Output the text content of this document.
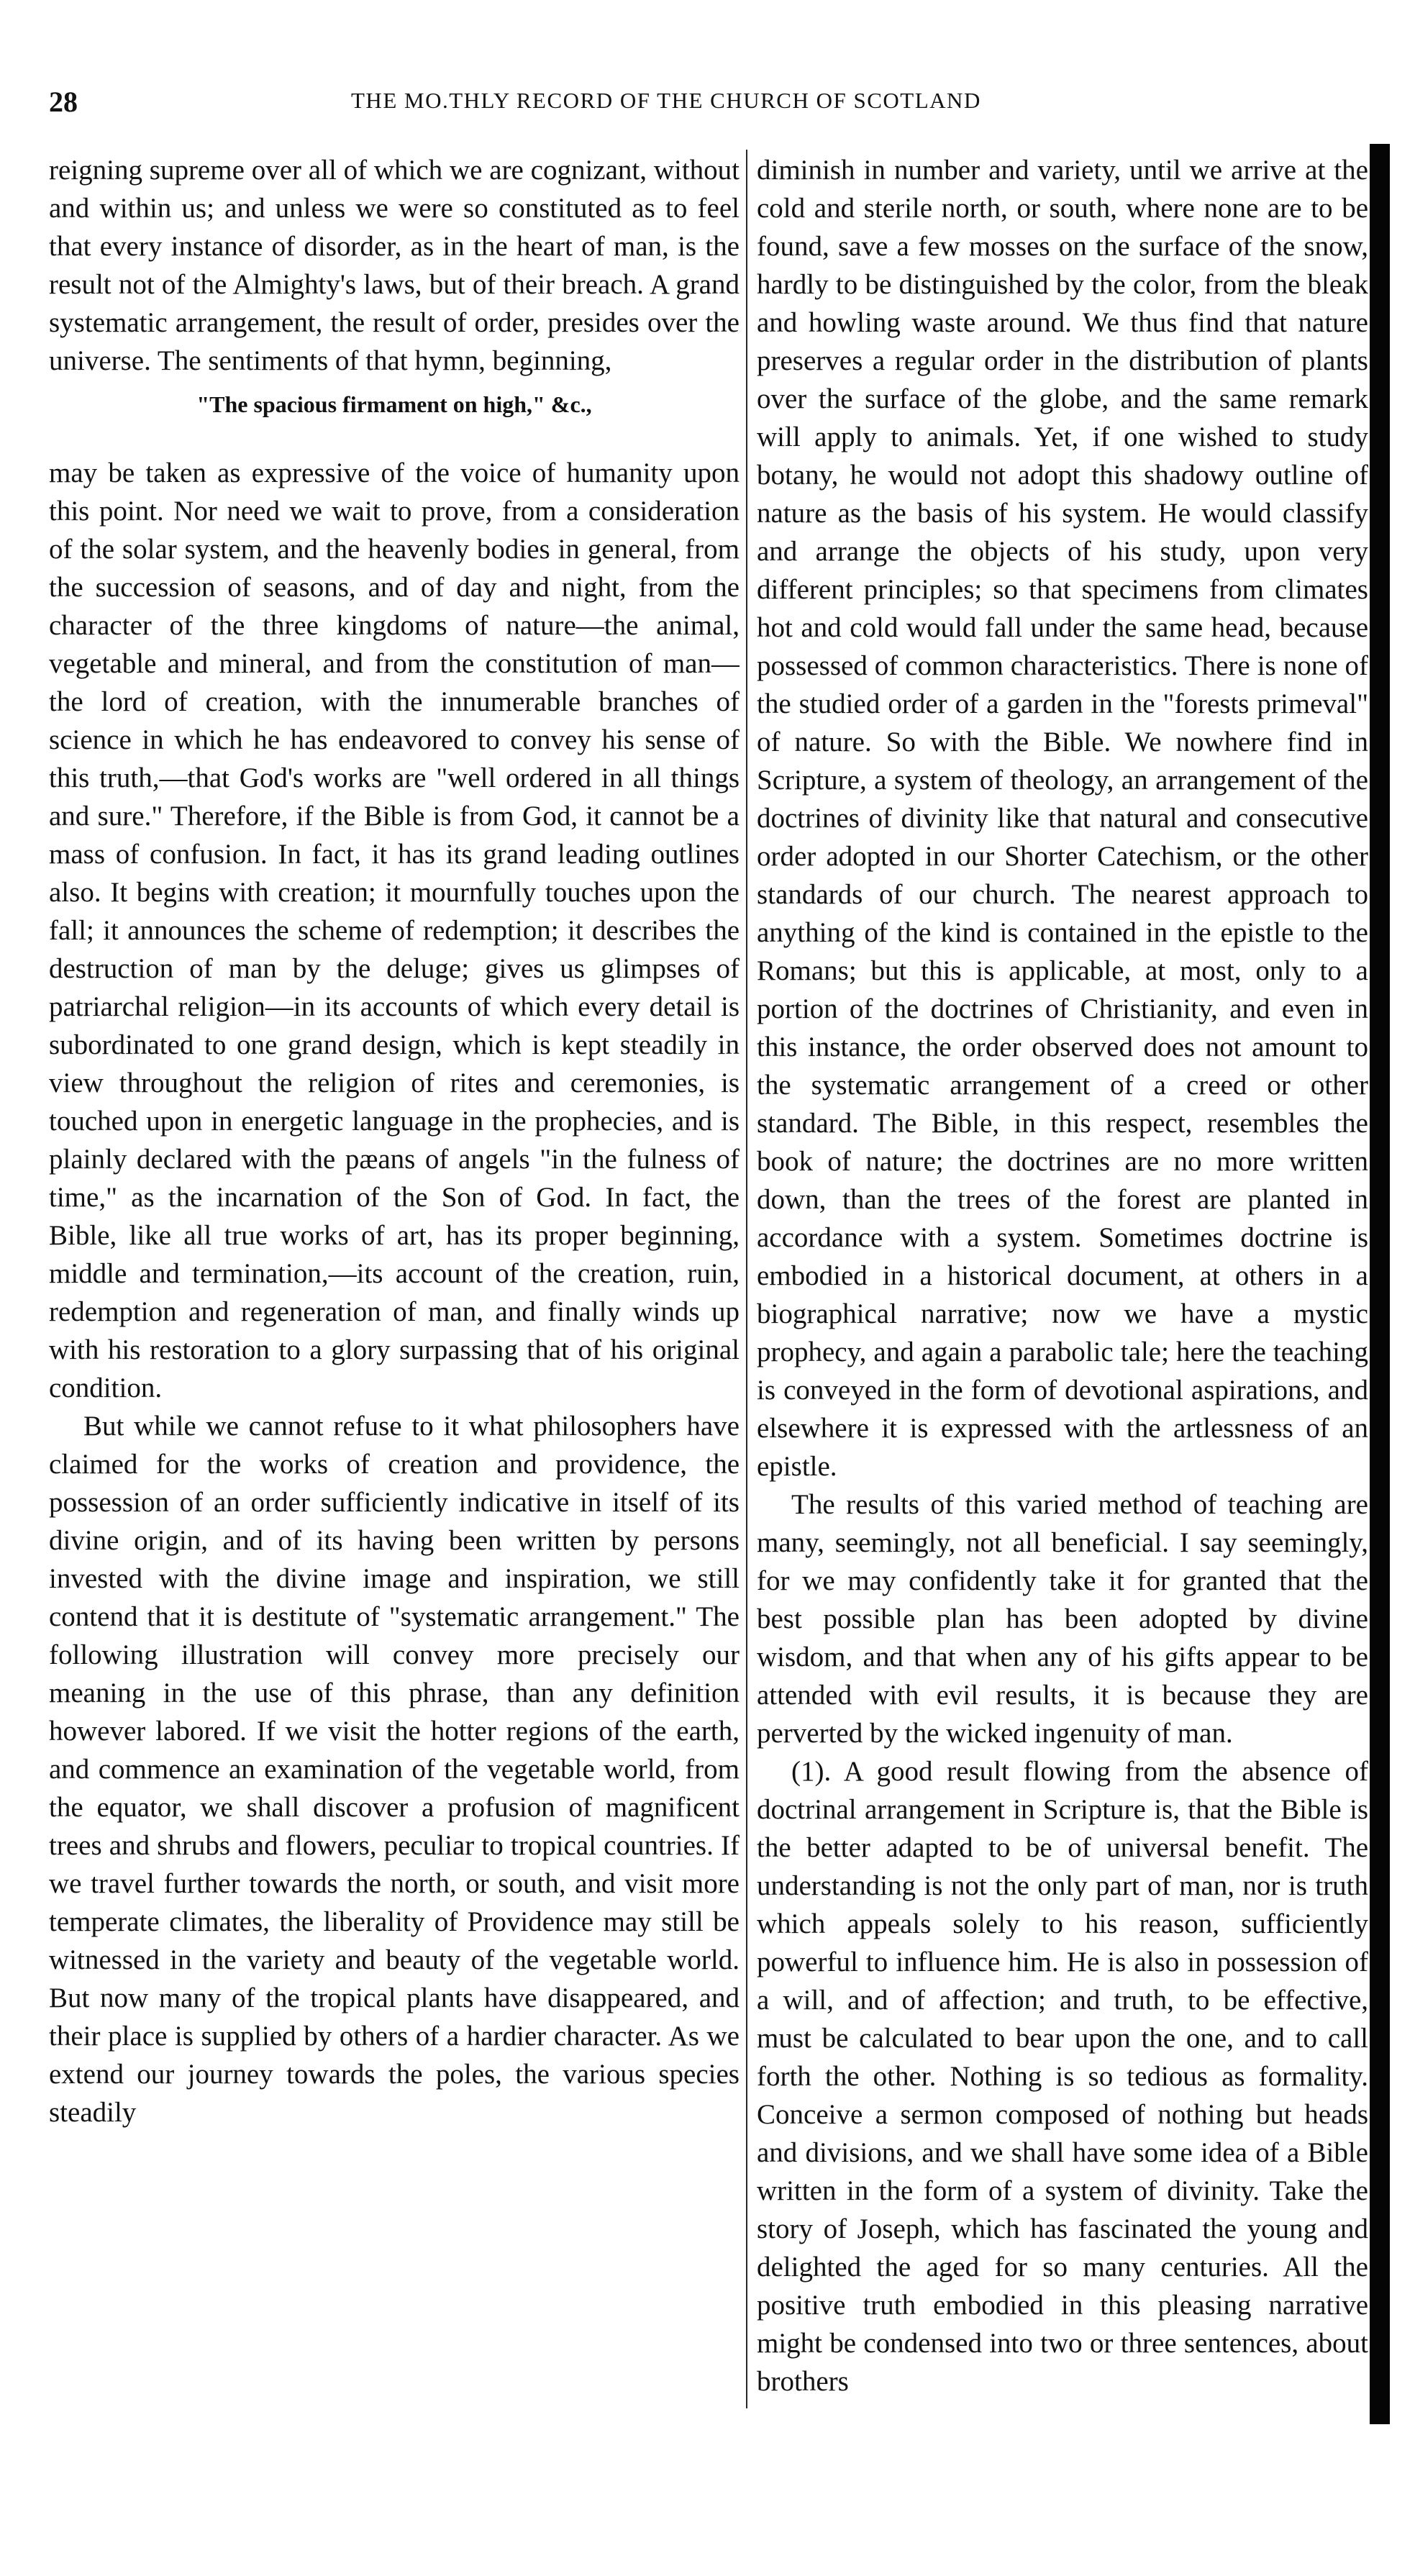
28	THE MO.THLY RECORD OF THE CHURCH OF SCOTLAND

reigning supreme over all of which we are cognizant, without and within us; and unless we were so constituted as to feel that every instance of disorder, as in the heart of man, is the result not of the Almighty's laws, but of their breach. A grand systematic arrangement, the result of order, presides over the universe. The sentiments of that hymn, beginning,

"The spacious firmament on high," &c.,

may be taken as expressive of the voice of humanity upon this point. Nor need we wait to prove, from a consideration of the solar system, and the heavenly bodies in general, from the succession of seasons, and of day and night, from the character of the three kingdoms of nature—the animal, vegetable and mineral, and from the constitution of man—the lord of creation, with the innumerable branches of science in which he has endeavored to convey his sense of this truth,—that God's works are "well ordered in all things and sure." Therefore, if the Bible is from God, it cannot be a mass of confusion. In fact, it has its grand leading outlines also. It begins with creation; it mournfully touches upon the fall; it announces the scheme of redemption; it describes the destruction of man by the deluge; gives us glimpses of patriarchal religion—in its accounts of which every detail is subordinated to one grand design, which is kept steadily in view throughout the religion of rites and ceremonies, is touched upon in energetic language in the prophecies, and is plainly declared with the pæans of angels "in the fulness of time," as the incarnation of the Son of God. In fact, the Bible, like all true works of art, has its proper beginning, middle and termination,—its account of the creation, ruin, redemption and regeneration of man, and finally winds up with his restoration to a glory surpassing that of his original condition.

But while we cannot refuse to it what philosophers have claimed for the works of creation and providence, the possession of an order sufficiently indicative in itself of its divine origin, and of its having been written by persons invested with the divine image and inspiration, we still contend that it is destitute of "systematic arrangement." The following illustration will convey more precisely our meaning in the use of this phrase, than any definition however labored. If we visit the hotter regions of the earth, and commence an examination of the vegetable world, from the equator, we shall discover a profusion of magnificent trees and shrubs and flowers, peculiar to tropical countries. If we travel further towards the north, or south, and visit more temperate climates, the liberality of Providence may still be witnessed in the variety and beauty of the vegetable world. But now many of the tropical plants have disappeared, and their place is supplied by others of a hardier character. As we extend our journey towards the poles, the various species steadily

diminish in number and variety, until we arrive at the cold and sterile north, or south, where none are to be found, save a few mosses on the surface of the snow, hardly to be distinguished by the color, from the bleak and howling waste around. We thus find that nature preserves a regular order in the distribution of plants over the surface of the globe, and the same remark will apply to animals. Yet, if one wished to study botany, he would not adopt this shadowy outline of nature as the basis of his system. He would classify and arrange the objects of his study, upon very different principles; so that specimens from climates hot and cold would fall under the same head, because possessed of common characteristics. There is none of the studied order of a garden in the "forests primeval" of nature. So with the Bible. We nowhere find in Scripture, a system of theology, an arrangement of the doctrines of divinity like that natural and consecutive order adopted in our Shorter Catechism, or the other standards of our church. The nearest approach to anything of the kind is contained in the epistle to the Romans; but this is applicable, at most, only to a portion of the doctrines of Christianity, and even in this instance, the order observed does not amount to the systematic arrangement of a creed or other standard. The Bible, in this respect, resembles the book of nature; the doctrines are no more written down, than the trees of the forest are planted in accordance with a system. Sometimes doctrine is embodied in a historical document, at others in a biographical narrative; now we have a mystic prophecy, and again a parabolic tale; here the teaching is conveyed in the form of devotional aspirations, and elsewhere it is expressed with the artlessness of an epistle.

The results of this varied method of teaching are many, seemingly, not all beneficial. I say seemingly, for we may confidently take it for granted that the best possible plan has been adopted by divine wisdom, and that when any of his gifts appear to be attended with evil results, it is because they are perverted by the wicked ingenuity of man.

(1). A good result flowing from the absence of doctrinal arrangement in Scripture is, that the Bible is the better adapted to be of universal benefit. The understanding is not the only part of man, nor is truth which appeals solely to his reason, sufficiently powerful to influence him. He is also in possession of a will, and of affection; and truth, to be effective, must be calculated to bear upon the one, and to call forth the other. Nothing is so tedious as formality. Conceive a sermon composed of nothing but heads and divisions, and we shall have some idea of a Bible written in the form of a system of divinity. Take the story of Joseph, which has fascinated the young and delighted the aged for so many centuries. All the positive truth embodied in this pleasing narrative might be condensed into two or three sentences, about brothers
